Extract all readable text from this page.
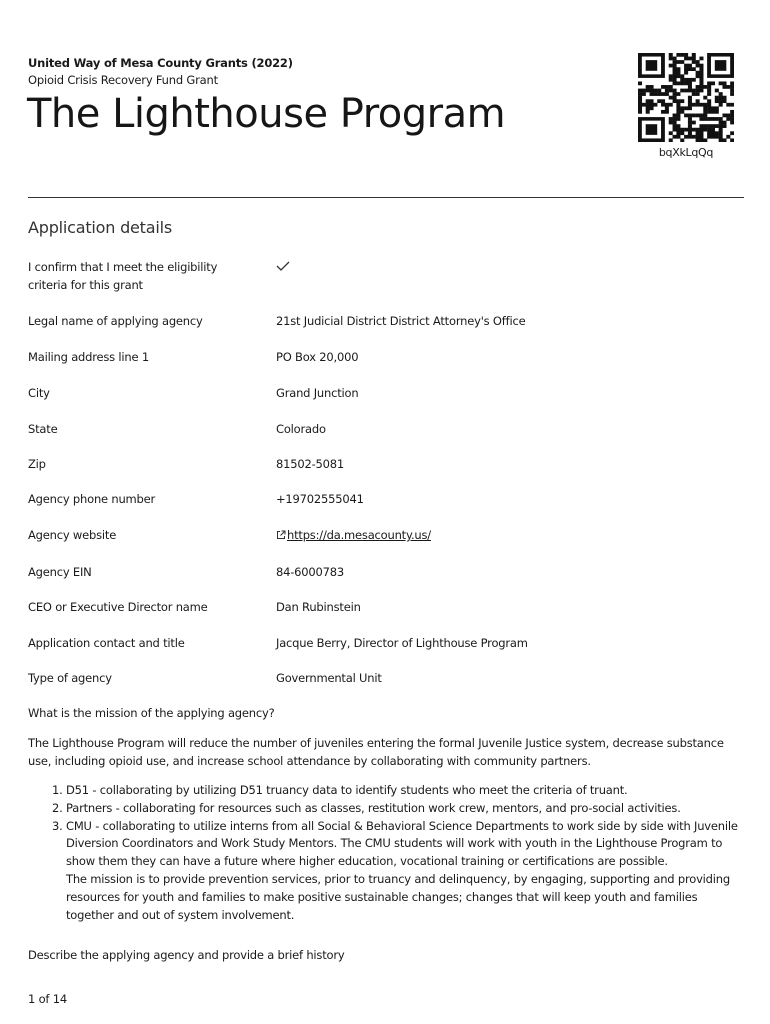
United Way of Mesa County Grants (2022)
Opioid Crisis Recovery Fund Grant
The Lighthouse Program
bqXkLqQq
Application details
I confirm that I meet the eligibility criteria for this grant
Legal name of applying agency	21st Judicial District District Attorney's Office
Mailing address line 1	PO Box 20,000
City	Grand Junction
State	Colorado
Zip	81502-5081
Agency phone number	+19702555041
Agency website	https://da.mesacounty.us/
Agency EIN	84-6000783
CEO or Executive Director name	Dan Rubinstein
Application contact and title	Jacque Berry, Director of Lighthouse Program
Type of agency	Governmental Unit
What is the mission of the applying agency?

The Lighthouse Program will reduce the number of juveniles entering the formal Juvenile Justice system, decrease substance use, including opioid use, and increase school attendance by collaborating with community partners.

1. D51 - collaborating by utilizing D51 truancy data to identify students who meet the criteria of truant.
2. Partners - collaborating for resources such as classes, restitution work crew, mentors, and pro-social activities.
3. CMU - collaborating to utilize interns from all Social & Behavioral Science Departments to work side by side with Juvenile Diversion Coordinators and Work Study Mentors. The CMU students will work with youth in the Lighthouse Program to show them they can have a future where higher education, vocational training or certifications are possible.
The mission is to provide prevention services, prior to truancy and delinquency, by engaging, supporting and providing resources for youth and families to make positive sustainable changes; changes that will keep youth and families together and out of system involvement.
Describe the applying agency and provide a brief history
1 of 14
